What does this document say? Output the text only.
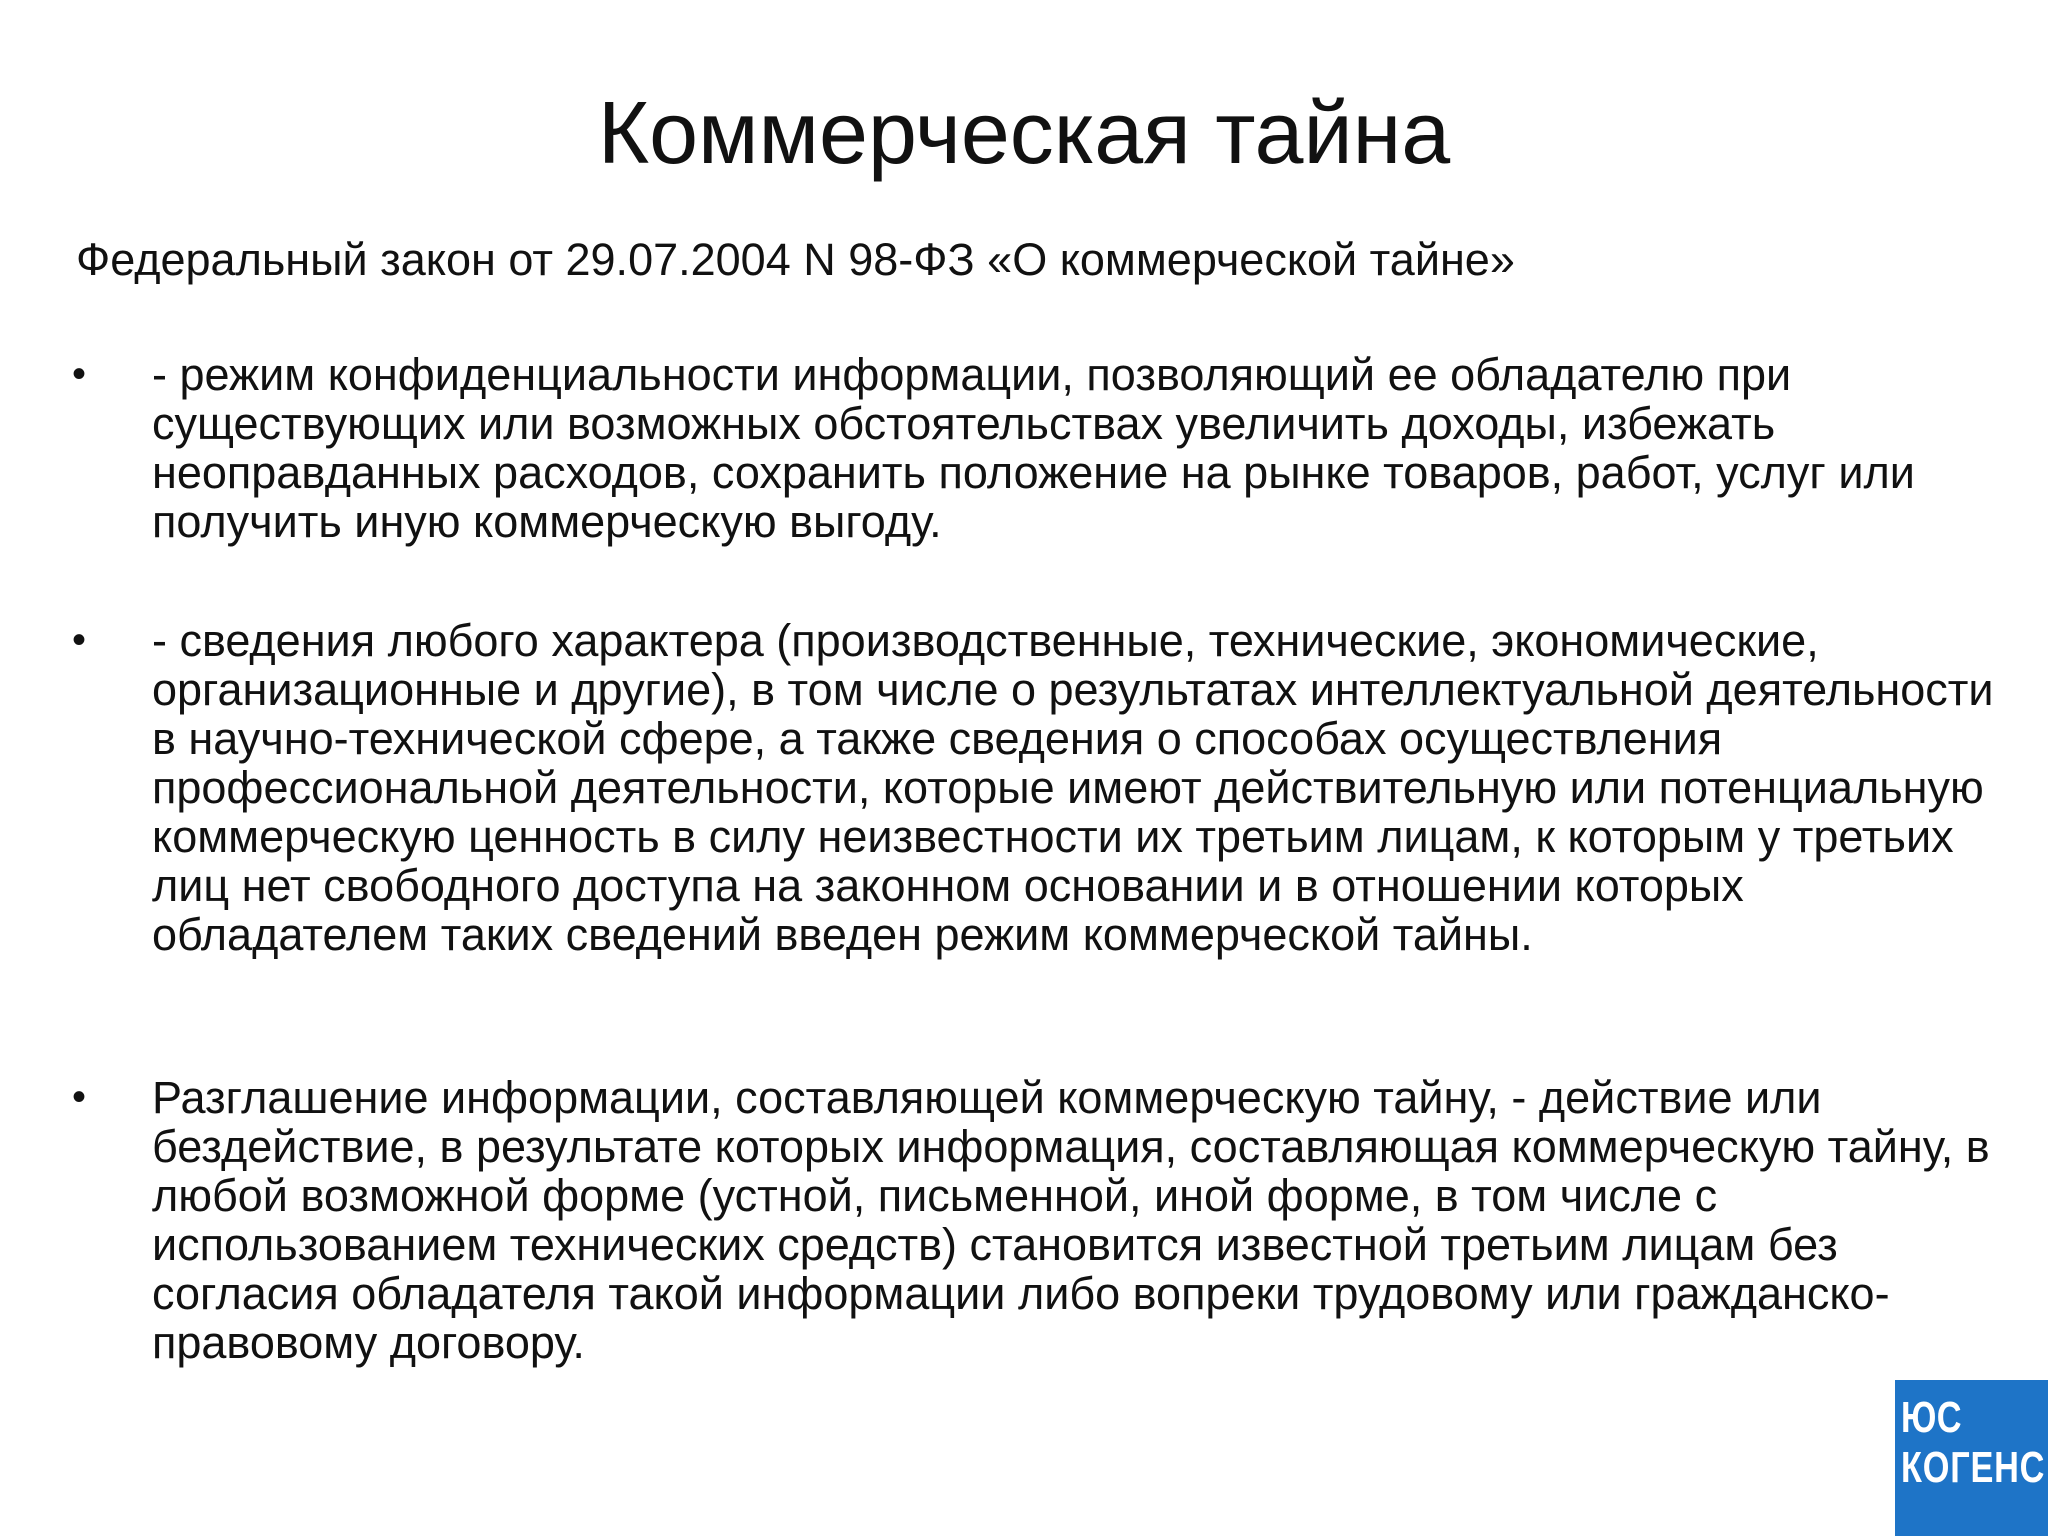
Коммерческая тайна

Федеральный закон от 29.07.2004 N 98-ФЗ «О коммерческой тайне»

• - режим конфиденциальности информации, позволяющий ее обладателю при существующих или возможных обстоятельствах увеличить доходы, избежать неоправданных расходов, сохранить положение на рынке товаров, работ, услуг или получить иную коммерческую выгоду.

• - сведения любого характера (производственные, технические, экономические, организационные и другие), в том числе о результатах интеллектуальной деятельности в научно-технической сфере, а также сведения о способах осуществления профессиональной деятельности, которые имеют действительную или потенциальную коммерческую ценность в силу неизвестности их третьим лицам, к которым у третьих лиц нет свободного доступа на законном основании и в отношении которых обладателем таких сведений введен режим коммерческой тайны.

• Разглашение информации, составляющей коммерческую тайну, - действие или бездействие, в результате которых информация, составляющая коммерческую тайну, в любой возможной форме (устной, письменной, иной форме, в том числе с использованием технических средств) становится известной третьим лицам без согласия обладателя такой информации либо вопреки трудовому или гражданско-правовому договору.

ЮС
КОГЕНС І
